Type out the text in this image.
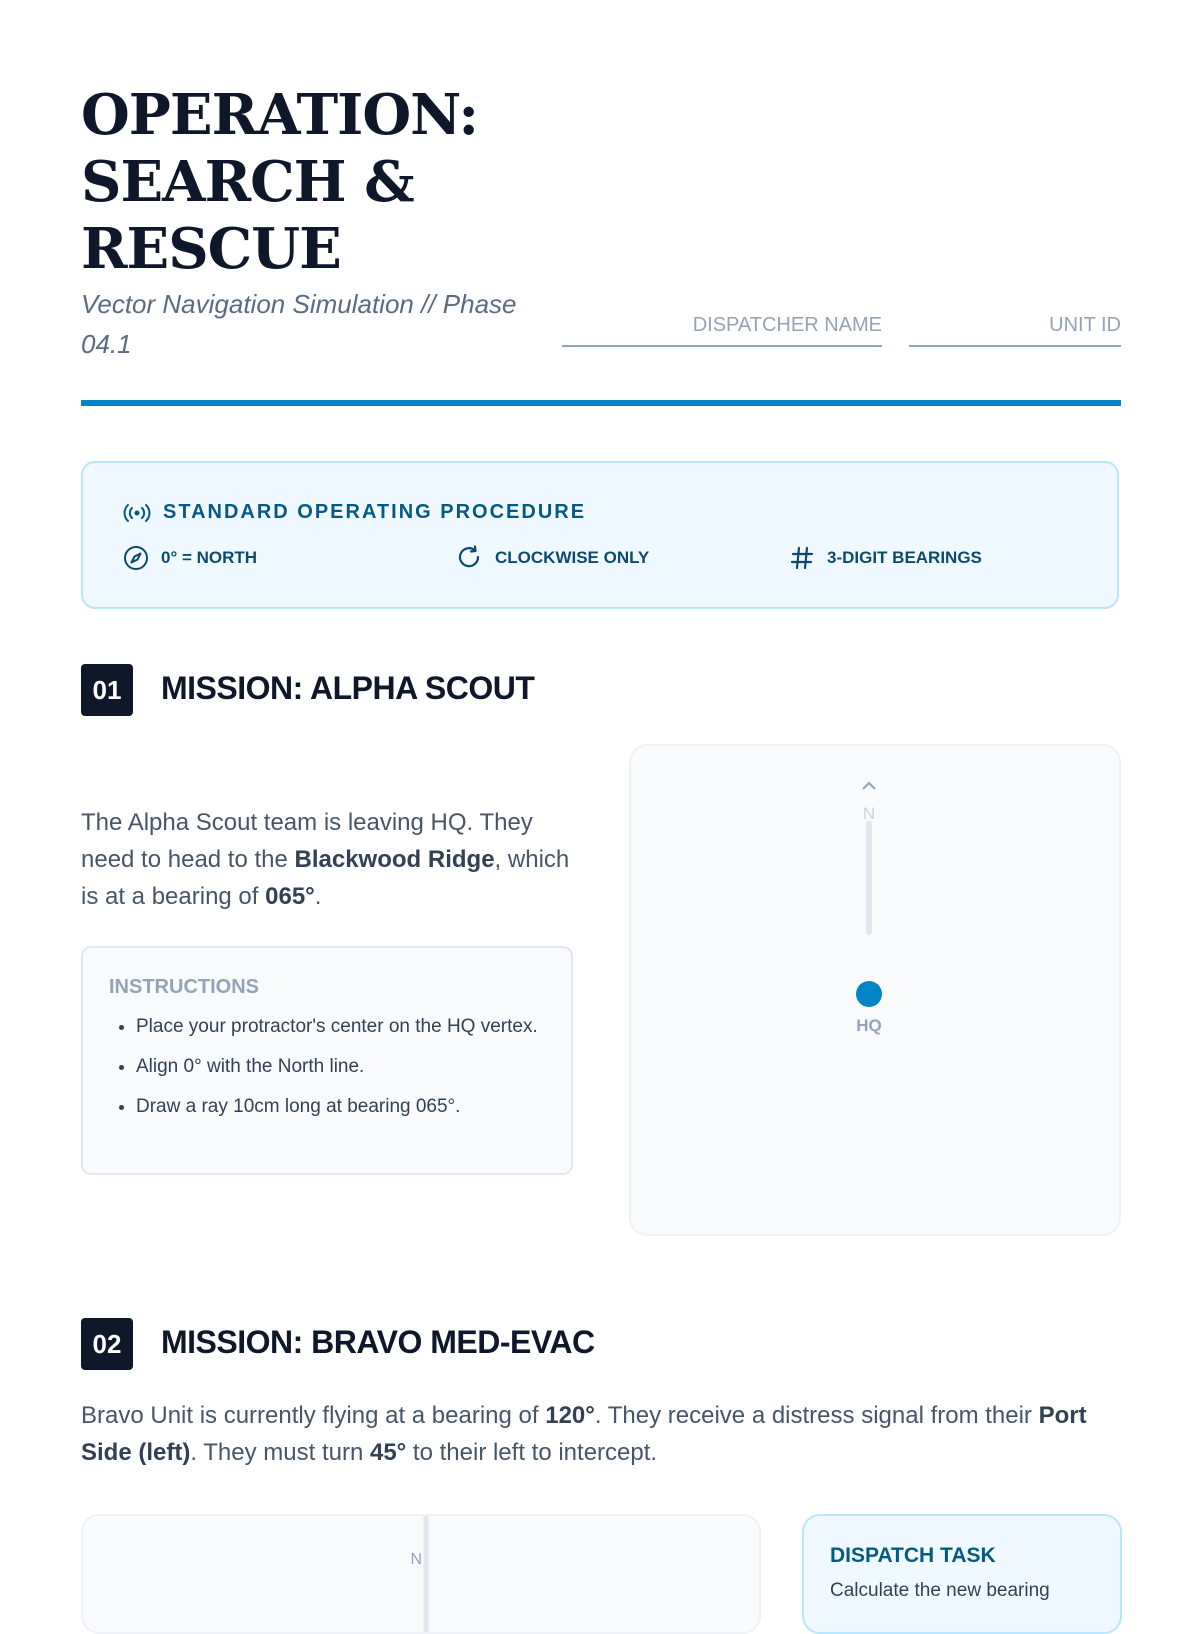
OPERATION: SEARCH & RESCUE
Vector Navigation Simulation // Phase 04.1
DISPATCHER NAME	UNIT ID
STANDARD OPERATING PROCEDURE
0° = NORTH	CLOCKWISE ONLY	3-DIGIT BEARINGS
01	MISSION: ALPHA SCOUT
The Alpha Scout team is leaving HQ. They need to head to the Blackwood Ridge, which is at a bearing of 065°.
INSTRUCTIONS
• Place your protractor's center on the HQ vertex.
• Align 0° with the North line.
• Draw a ray 10cm long at bearing 065°.
N
HQ
02	MISSION: BRAVO MED-EVAC
Bravo Unit is currently flying at a bearing of 120°. They receive a distress signal from their Port Side (left). They must turn 45° to their left to intercept.
N	DISPATCH TASK
Calculate the new bearing
